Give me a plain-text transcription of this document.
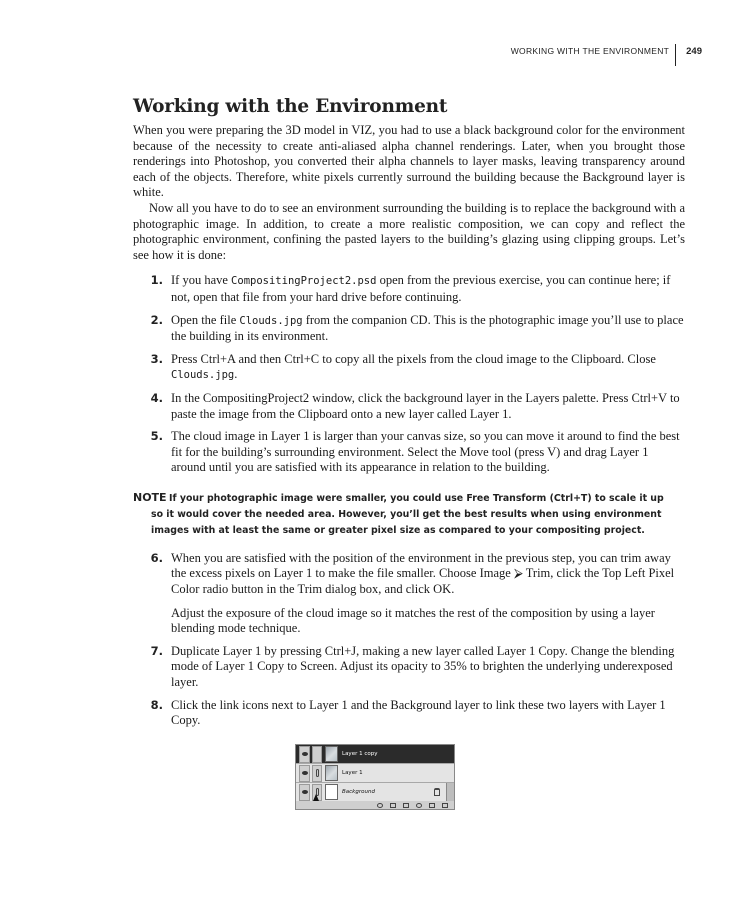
WORKING WITH THE ENVIRONMENT	249
Working with the Environment

When you were preparing the 3D model in VIZ, you had to use a black background color for the environment because of the necessity to create anti-aliased alpha channel renderings. Later, when you brought those renderings into Photoshop, you converted their alpha channels to layer masks, leaving transparency around each of the objects. Therefore, white pixels currently surround the building because the Background layer is white.

Now all you have to do to see an environment surrounding the building is to replace the background with a photographic image. In addition, to create a more realistic composition, we can copy and reflect the photographic environment, confining the pasted layers to the building’s glazing using clipping groups. Let’s see how it is done:

1. If you have CompositingProject2.psd open from the previous exercise, you can continue here; if not, open that file from your hard drive before continuing.

2. Open the file Clouds.jpg from the companion CD. This is the photographic image you’ll use to place the building in its environment.

3. Press Ctrl+A and then Ctrl+C to copy all the pixels from the cloud image to the Clipboard. Close Clouds.jpg.

4. In the CompositingProject2 window, click the background layer in the Layers palette. Press Ctrl+V to paste the image from the Clipboard onto a new layer called Layer 1.

5. The cloud image in Layer 1 is larger than your canvas size, so you can move it around to find the best fit for the building’s surrounding environment. Select the Move tool (press V) and drag Layer 1 around until you are satisfied with its appearance in relation to the building.

NOTE If your photographic image were smaller, you could use Free Transform (Ctrl+T) to scale it up
so it would cover the needed area. However, you’ll get the best results when using environment
images with at least the same or greater pixel size as compared to your compositing project.
6. When you are satisfied with the position of the environment in the previous step, you can trim away the excess pixels on Layer 1 to make the file smaller. Choose Image ⮚ Trim, click the Top Left Pixel Color radio button in the Trim dialog box, and click OK.

Adjust the exposure of the cloud image so it matches the rest of the composition by using a layer blending mode technique.

7. Duplicate Layer 1 by pressing Ctrl+J, making a new layer called Layer 1 Copy. Change the blending mode of Layer 1 Copy to Screen. Adjust its opacity to 35% to brighten the underlying underexposed layer.

8. Click the link icons next to Layer 1 and the Background layer to link these two layers with Layer 1 Copy.

Layer 1 copy
Layer 1
Background
